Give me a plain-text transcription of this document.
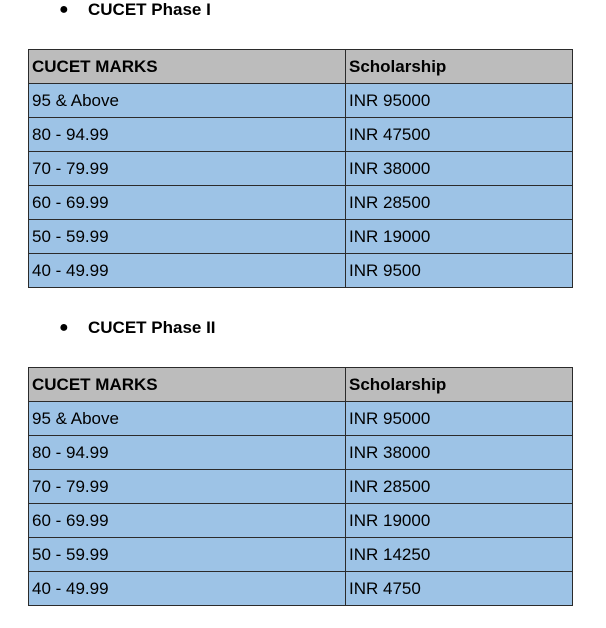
● CUCET Phase I
CUCET MARKS	Scholarship
95 & Above	INR 95000
80 - 94.99	INR 47500
70 - 79.99	INR 38000
60 - 69.99	INR 28500
50 - 59.99	INR 19000
40 - 49.99	INR 9500
● CUCET Phase II
CUCET MARKS	Scholarship
95 & Above	INR 95000
80 - 94.99	INR 38000
70 - 79.99	INR 28500
60 - 69.99	INR 19000
50 - 59.99	INR 14250
40 - 49.99	INR 4750
